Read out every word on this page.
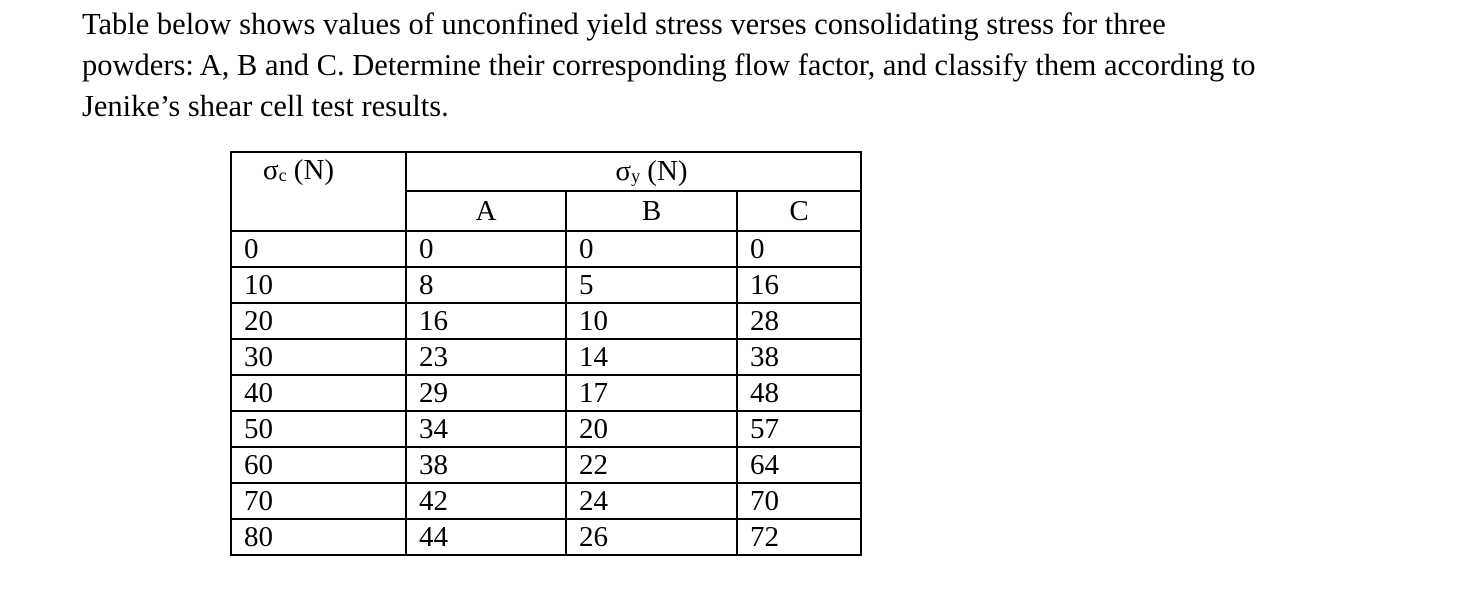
Table below shows values of unconfined yield stress verses consolidating stress for three
powders: A, B and C. Determine their corresponding flow factor, and classify them according to
Jenike’s shear cell test results.

$\sigma_c$ (N)		$\sigma_y$ (N)	
	A	B	C
0	0	0	0
10	8	5	16
20	16	10	28
30	23	14	38
40	29	17	48
50	34	20	57
60	38	22	64
70	42	24	70
80	44	26	72
